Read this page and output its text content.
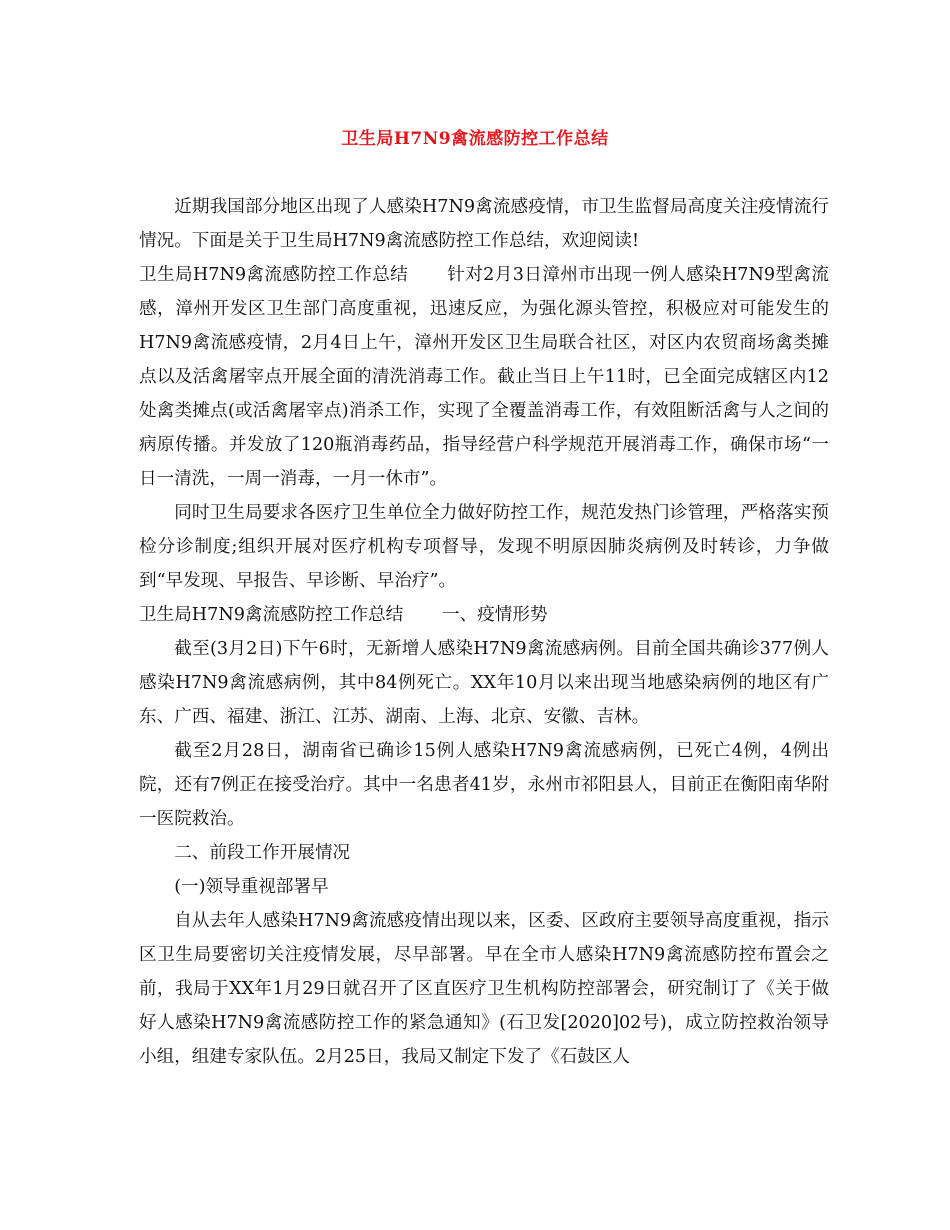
卫生局H7N9禽流感防控工作总结

近期我国部分地区出现了人感染H7N9禽流感疫情，市卫生监督局高度关注疫情流行情况。下面是关于卫生局H7N9禽流感防控工作总结，欢迎阅读!

卫生局H7N9禽流感防控工作总结 针对2月3日漳州市出现一例人感染H7N9型禽流感，漳州开发区卫生部门高度重视，迅速反应，为强化源头管控，积极应对可能发生的H7N9禽流感疫情，2月4日上午，漳州开发区卫生局联合社区，对区内农贸商场禽类摊点以及活禽屠宰点开展全面的清洗消毒工作。截止当日上午11时，已全面完成辖区内12处禽类摊点(或活禽屠宰点)消杀工作，实现了全覆盖消毒工作，有效阻断活禽与人之间的病原传播。并发放了120瓶消毒药品，指导经营户科学规范开展消毒工作，确保市场“一日一清洗，一周一消毒，一月一休市”。

同时卫生局要求各医疗卫生单位全力做好防控工作，规范发热门诊管理，严格落实预检分诊制度;组织开展对医疗机构专项督导，发现不明原因肺炎病例及时转诊，力争做到“早发现、早报告、早诊断、早治疗”。

卫生局H7N9禽流感防控工作总结 一、疫情形势

截至(3月2日)下午6时，无新增人感染H7N9禽流感病例。目前全国共确诊377例人感染H7N9禽流感病例，其中84例死亡。XX年10月以来出现当地感染病例的地区有广东、广西、福建、浙江、江苏、湖南、上海、北京、安徽、吉林。

截至2月28日，湖南省已确诊15例人感染H7N9禽流感病例，已死亡4例，4例出院，还有7例正在接受治疗。其中一名患者41岁，永州市祁阳县人，目前正在衡阳南华附一医院救治。

二、前段工作开展情况

(一)领导重视部署早

自从去年人感染H7N9禽流感疫情出现以来，区委、区政府主要领导高度重视，指示区卫生局要密切关注疫情发展，尽早部署。早在全市人感染H7N9禽流感防控布置会之前，我局于XX年1月29日就召开了区直医疗卫生机构防控部署会，研究制订了《关于做好人感染H7N9禽流感防控工作的紧急通知》(石卫发[2020]02号)，成立防控救治领导小组，组建专家队伍。2月25日，我局又制定下发了《石鼓区人
